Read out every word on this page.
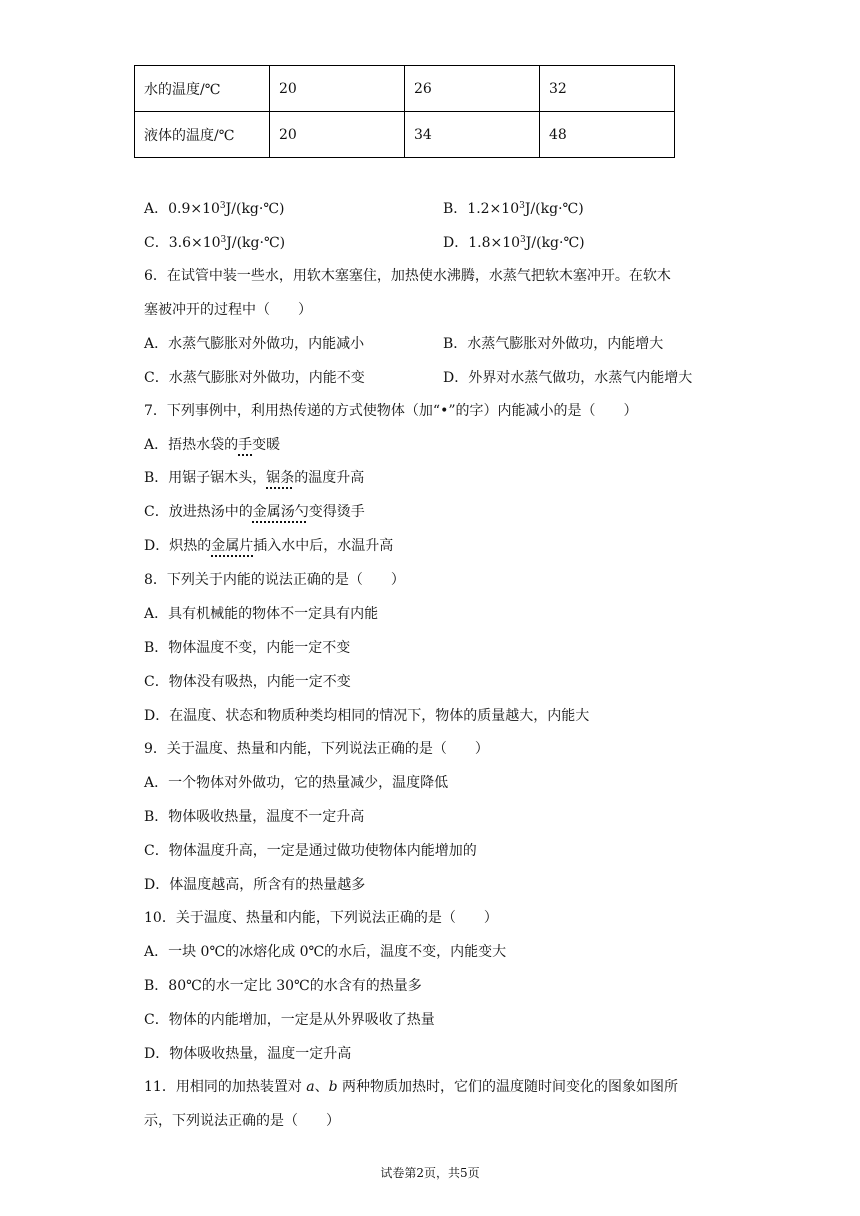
水的温度/℃	20	26	32
液体的温度/℃	20	34	48
A．$0.9\times 10^3J/(kg\cdot℃)$	B．$1.2\times 10^3J/(kg\cdot℃)$
C．$3.6\times 10^3J/(kg\cdot℃)$	D．$1.8\times 10^3J/(kg\cdot℃)$
6．在试管中装一些水，用软木塞塞住，加热使水沸腾，水蒸气把软木塞冲开。在软木
塞被冲开的过程中（　　）
A．水蒸气膨胀对外做功，内能减小	B．水蒸气膨胀对外做功，内能增大
C．水蒸气膨胀对外做功，内能不变	D．外界对水蒸气做功，水蒸气内能增大
7．下列事例中，利用热传递的方式使物体（加“•”的字）内能减小的是（　　）
A．捂热水袋的手变暖
B．用锯子锯木头，锯条的温度升高
C．放进热汤中的金属汤勺变得烫手
D．炽热的金属片插入水中后，水温升高
8．下列关于内能的说法正确的是（　　）
A．具有机械能的物体不一定具有内能
B．物体温度不变，内能一定不变
C．物体没有吸热，内能一定不变
D．在温度、状态和物质种类均相同的情况下，物体的质量越大，内能大
9．关于温度、热量和内能，下列说法正确的是（　　）
A．一个物体对外做功，它的热量减少，温度降低
B．物体吸收热量，温度不一定升高
C．物体温度升高，一定是通过做功使物体内能增加的
D．体温度越高，所含有的热量越多
10．关于温度、热量和内能，下列说法正确的是（　　）
A．一块 0℃的冰熔化成 0℃的水后，温度不变，内能变大
B．80℃的水一定比 30℃的水含有的热量多
C．物体的内能增加，一定是从外界吸收了热量
D．物体吸收热量，温度一定升高
11．用相同的加热装置对 a、b 两种物质加热时，它们的温度随时间变化的图象如图所
示，下列说法正确的是（　　）
试卷第2页，共5页
